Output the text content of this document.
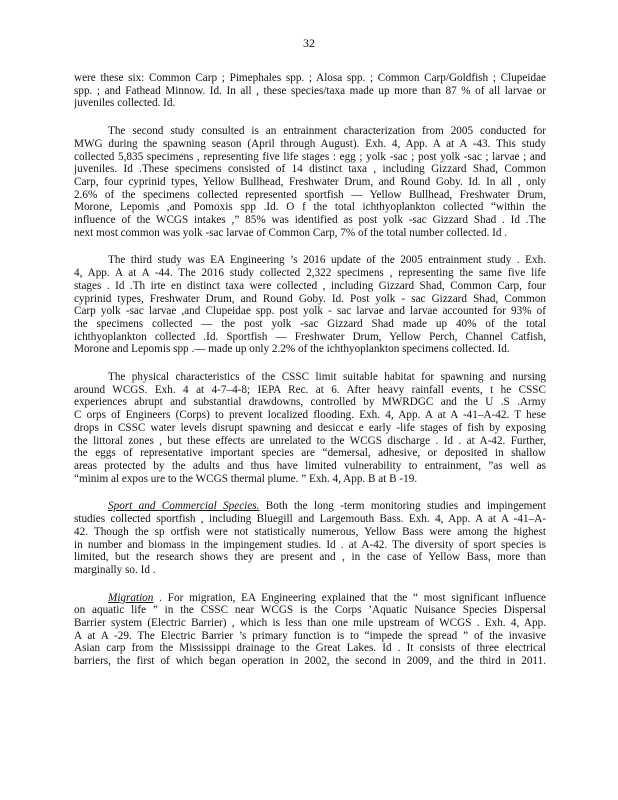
32
were these six: Common Carp ; Pimephales spp. ; Alosa spp. ; Common Carp/Goldfish ; Clupeidae
spp. ; and Fathead Minnow. Id. In all , these species/taxa made up more than 87 % of all larvae or
juveniles collected. Id.
The second study consulted is an entrainment characterization from 2005 conducted for
MWG during the spawning season (April through August). Exh. 4, App. A at A -43. This study
collected 5,835 specimens , representing five life stages : egg ; yolk -sac ; post yolk -sac ; larvae ; and
juveniles. Id .These specimens consisted of 14 distinct taxa , including Gizzard Shad, Common
Carp, four cyprinid types, Yellow Bullhead, Freshwater Drum, and Round Goby. Id. In all , only
2.6% of the specimens collected represented sportfish — Yellow Bullhead, Freshwater Drum,
Morone, Lepomis ,and Pomoxis spp .Id. O f the total ichthyoplankton collected “within the
influence of the WCGS intakes ,” 85% was identified as post yolk -sac Gizzard Shad . Id .The
next most common was yolk -sac larvae of Common Carp, 7% of the total number collected. Id .
The third study was EA Engineering ’s 2016 update of the 2005 entrainment study . Exh.
4, App. A at A -44. The 2016 study collected 2,322 specimens , representing the same five life
stages . Id .Th irte en distinct taxa were collected , including Gizzard Shad, Common Carp, four
cyprinid types, Freshwater Drum, and Round Goby. Id. Post yolk - sac Gizzard Shad, Common
Carp yolk -sac larvae ,and Clupeidae spp. post yolk - sac larvae and larvae accounted for 93% of
the specimens collected — the post yolk -sac Gizzard Shad made up 40% of the total
ichthyoplankton collected .Id. Sportfish — Freshwater Drum, Yellow Perch, Channel Catfish,
Morone and Lepomis spp .— made up only 2.2% of the ichthyoplankton specimens collected. Id.
The physical characteristics of the CSSC limit suitable habitat for spawning and nursing
around WCGS. Exh. 4 at 4-7–4-8; IEPA Rec. at 6. After heavy rainfall events, t he CSSC
experiences abrupt and substantial drawdowns, controlled by MWRDGC and the U .S .Army
C orps of Engineers (Corps) to prevent localized flooding. Exh. 4, App. A at A -41–A-42. T hese
drops in CSSC water levels disrupt spawning and desiccat e early -life stages of fish by exposing
the littoral zones , but these effects are unrelated to the WCGS discharge . Id . at A-42. Further,
the eggs of representative important species are “demersal, adhesive, or deposited in shallow
areas protected by the adults and thus have limited vulnerability to entrainment, ”as well as
“minim al expos ure to the WCGS thermal plume. ” Exh. 4, App. B at B -19.
Sport and Commercial Species. Both the long -term monitoring studies and impingement
studies collected sportfish , including Bluegill and Largemouth Bass. Exh. 4, App. A at A -41–A-
42. Though the sp ortfish were not statistically numerous, Yellow Bass were among the highest
in number and biomass in the impingement studies. Id . at A-42. The diversity of sport species is
limited, but the research shows they are present and , in the case of Yellow Bass, more than
marginally so. Id .
Migration . For migration, EA Engineering explained that the “ most significant influence
on aquatic life ” in the CSSC near WCGS is the Corps ’Aquatic Nuisance Species Dispersal
Barrier system (Electric Barrier) , which is less than one mile upstream of WCGS . Exh. 4, App.
A at A -29. The Electric Barrier ’s primary function is to “impede the spread ” of the invasive
Asian carp from the Mississippi drainage to the Great Lakes. Id . It consists of three electrical
barriers, the first of which began operation in 2002, the second in 2009, and the third in 2011.
